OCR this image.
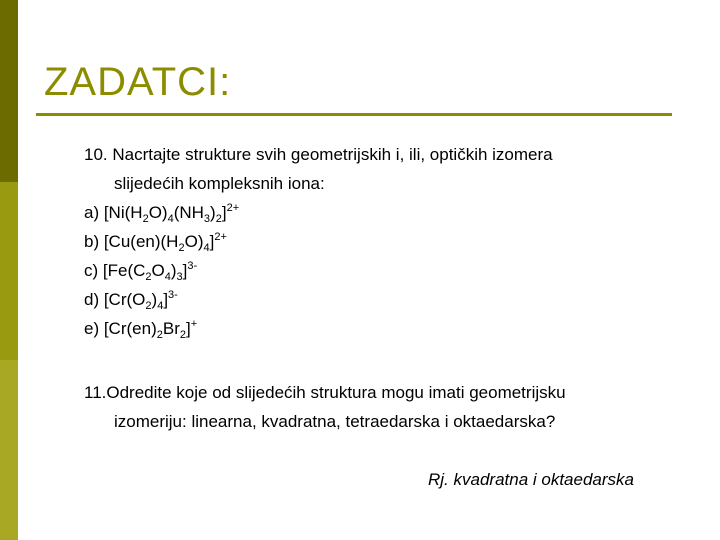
ZADATCI:
10. Nacrtajte strukture svih geometrijskih i, ili, optičkih izomera
slijedećih kompleksnih iona:
a) $[Ni(H_2O)_4(NH_3)_2]^{2+}$
b) $[Cu(en)(H_2O)_4]^{2+}$
c) $[Fe(C_2O_4)_3]^{3-}$
d) $[Cr(O_2)_4]^{3-}$
e) $[Cr(en)_2Br_2]^+$
11.Odredite koje od slijedećih struktura mogu imati geometrijsku
izomeriju: linearna, kvadratna, tetraedarska i oktaedarska?
Rj. kvadratna i oktaedarska
